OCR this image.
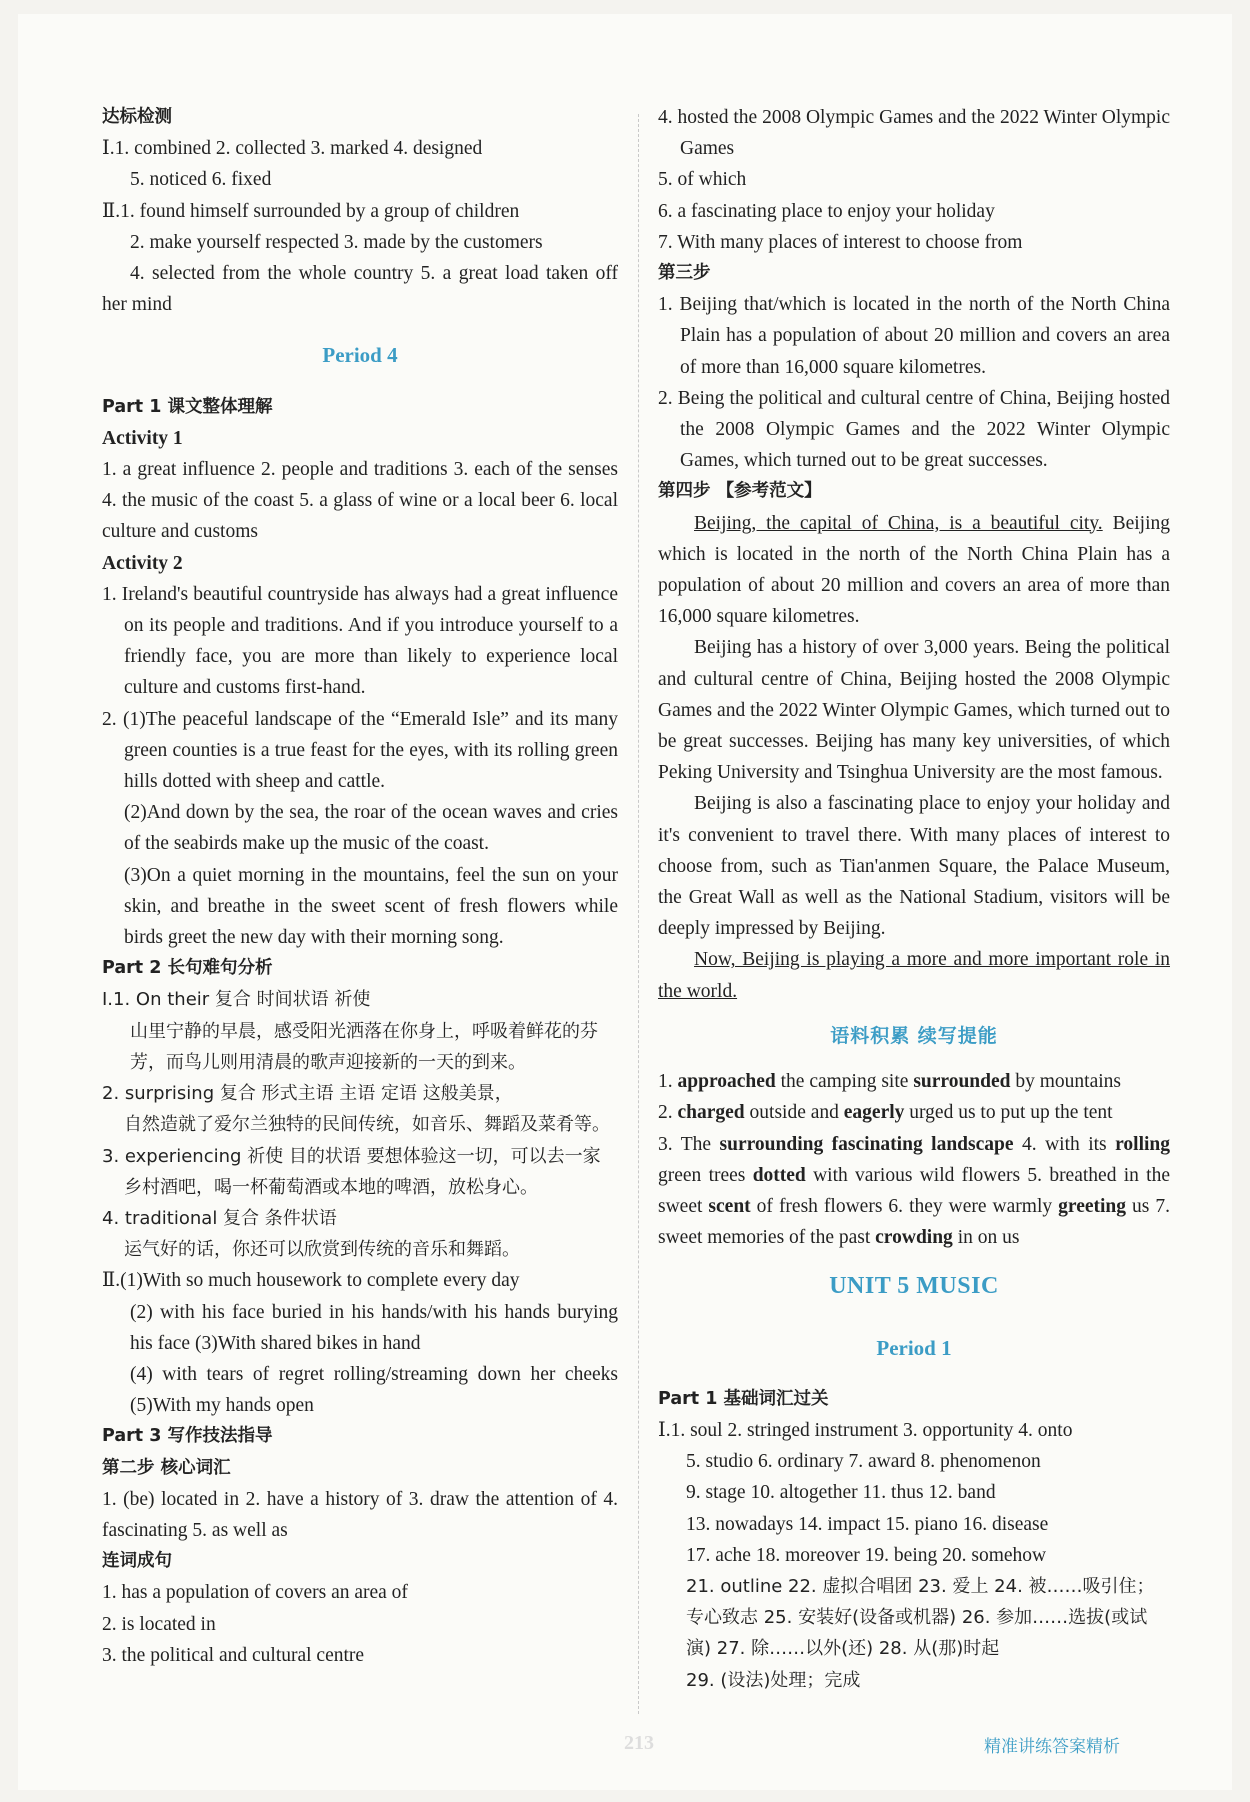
达标检测

Ⅰ.1. combined 2. collected 3. marked 4. designed

5. noticed 6. fixed

Ⅱ.1. found himself surrounded by a group of children

2. make yourself respected 3. made by the customers

4. selected from the whole country 5. a great load taken off her mind

Period 4

Part 1 课文整体理解

Activity 1

1. a great influence 2. people and traditions 3. each of the senses 4. the music of the coast 5. a glass of wine or a local beer 6. local culture and customs

Activity 2

1. Ireland's beautiful countryside has always had a great influence on its people and traditions. And if you introduce yourself to a friendly face, you are more than likely to experience local culture and customs first-hand.

2. (1)The peaceful landscape of the “Emerald Isle” and its many green counties is a true feast for the eyes, with its rolling green hills dotted with sheep and cattle.

(2)And down by the sea, the roar of the ocean waves and cries of the seabirds make up the music of the coast.

(3)On a quiet morning in the mountains, feel the sun on your skin, and breathe in the sweet scent of fresh flowers while birds greet the new day with their morning song.

Part 2 长句难句分析

Ⅰ.1. On their 复合 时间状语 祈使

山里宁静的早晨，感受阳光洒落在你身上，呼吸着鲜花的芬芳，而鸟儿则用清晨的歌声迎接新的一天的到来。

2. surprising 复合 形式主语 主语 定语 这般美景，

自然造就了爱尔兰独特的民间传统，如音乐、舞蹈及菜肴等。

3. experiencing 祈使 目的状语 要想体验这一切，可以去一家乡村酒吧，喝一杯葡萄酒或本地的啤酒，放松身心。

4. traditional 复合 条件状语

运气好的话，你还可以欣赏到传统的音乐和舞蹈。

Ⅱ.(1)With so much housework to complete every day

(2) with his face buried in his hands/with his hands burying his face (3)With shared bikes in hand

(4) with tears of regret rolling/streaming down her cheeks (5)With my hands open

Part 3 写作技法指导

第二步 核心词汇

1. (be) located in 2. have a history of 3. draw the attention of 4. fascinating 5. as well as

连词成句

1. has a population of covers an area of

2. is located in

3. the political and cultural centre

4. hosted the 2008 Olympic Games and the 2022 Winter Olympic Games

5. of which

6. a fascinating place to enjoy your holiday

7. With many places of interest to choose from

第三步

1. Beijing that/which is located in the north of the North China Plain has a population of about 20 million and covers an area of more than 16,000 square kilometres.

2. Being the political and cultural centre of China, Beijing hosted the 2008 Olympic Games and the 2022 Winter Olympic Games, which turned out to be great successes.

第四步 【参考范文】

Beijing, the capital of China, is a beautiful city. Beijing which is located in the north of the North China Plain has a population of about 20 million and covers an area of more than 16,000 square kilometres.

Beijing has a history of over 3,000 years. Being the political and cultural centre of China, Beijing hosted the 2008 Olympic Games and the 2022 Winter Olympic Games, which turned out to be great successes. Beijing has many key universities, of which Peking University and Tsinghua University are the most famous.

Beijing is also a fascinating place to enjoy your holiday and it's convenient to travel there. With many places of interest to choose from, such as Tian'anmen Square, the Palace Museum, the Great Wall as well as the National Stadium, visitors will be deeply impressed by Beijing.

Now, Beijing is playing a more and more important role in the world.

语料积累 续写提能

1. approached the camping site surrounded by mountains

2. charged outside and eagerly urged us to put up the tent

3. The surrounding fascinating landscape 4. with its rolling green trees dotted with various wild flowers 5. breathed in the sweet scent of fresh flowers 6. they were warmly greeting us 7. sweet memories of the past crowding in on us

UNIT 5 MUSIC

Period 1

Part 1 基础词汇过关

Ⅰ.1. soul 2. stringed instrument 3. opportunity 4. onto

5. studio 6. ordinary 7. award 8. phenomenon

9. stage 10. altogether 11. thus 12. band

13. nowadays 14. impact 15. piano 16. disease

17. ache 18. moreover 19. being 20. somehow

21. outline 22. 虚拟合唱团 23. 爱上 24. 被……吸引住；专心致志 25. 安装好(设备或机器) 26. 参加……选拔(或试演) 27. 除……以外(还) 28. 从(那)时起

29. (设法)处理；完成

213	精准讲练答案精析
